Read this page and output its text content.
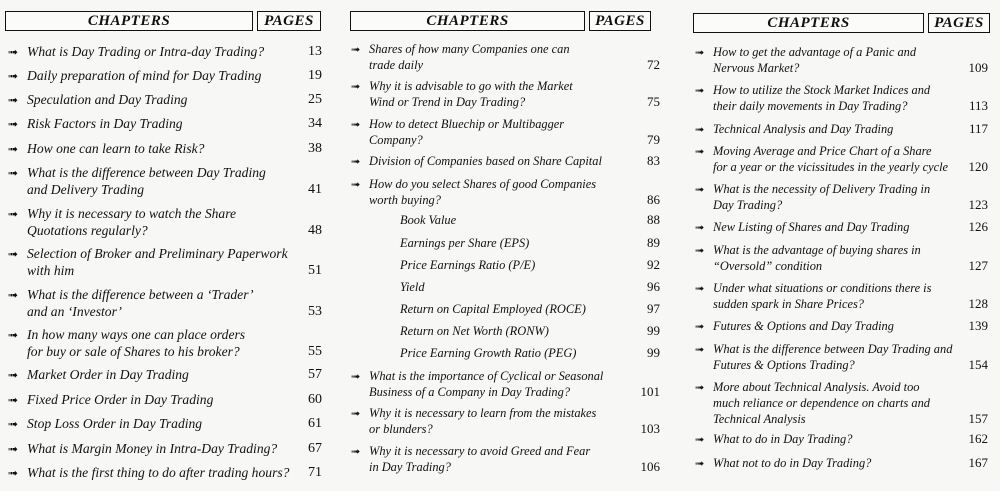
CHAPTERS	PAGES
➟ What is Day Trading or Intra-day Trading?	13
➟ Daily preparation of mind for Day Trading	19
➟ Speculation and Day Trading	25
➟ Risk Factors in Day Trading	34
➟ How one can learn to take Risk?	38
➟ What is the difference between Day Trading
and Delivery Trading	41
➟ Why it is necessary to watch the Share
Quotations regularly?	48
➟ Selection of Broker and Preliminary Paperwork
with him	51
➟ What is the difference between a ‘Trader’
and an ‘Investor’	53
➟ In how many ways one can place orders
for buy or sale of Shares to his broker?	55
➟ Market Order in Day Trading	57
➟ Fixed Price Order in Day Trading	60
➟ Stop Loss Order in Day Trading	61
➟ What is Margin Money in Intra-Day Trading? 67
➟ What is the first thing to do after trading hours? 71
CHAPTERS	PAGES
➟ Shares of how many Companies one can
trade daily	72
➟ Why it is advisable to go with the Market
Wind or Trend in Day Trading?	75
➟ How to detect Bluechip or Multibagger
Company?	79
➟ Division of Companies based on Share Capital	83
➟ How do you select Shares of good Companies
worth buying?	86
Book Value	88
Earnings per Share (EPS)	89
Price Earnings Ratio (P/E)	92
Yield	96
Return on Capital Employed (ROCE)	97
Return on Net Worth (RONW)	99
Price Earning Growth Ratio (PEG)	99
➟ What is the importance of Cyclical or Seasonal
Business of a Company in Day Trading?	101
➟ Why it is necessary to learn from the mistakes
or blunders?	103
➟ Why it is necessary to avoid Greed and Fear
in Day Trading?	106
CHAPTERS	PAGES
➟ How to get the advantage of a Panic and
Nervous Market?	109
➟ How to utilize the Stock Market Indices and
their daily movements in Day Trading?	113
➟ Technical Analysis and Day Trading	117
➟ Moving Average and Price Chart of a Share
for a year or the vicissitudes in the yearly cycle 120
➟ What is the necessity of Delivery Trading in
Day Trading?	123
➟ New Listing of Shares and Day Trading	126
➟ What is the advantage of buying shares in
“Oversold” condition	127
➟ Under what situations or conditions there is
sudden spark in Share Prices?	128
➟ Futures & Options and Day Trading	139
➟ What is the difference between Day Trading and
Futures & Options Trading?	154
➟ More about Technical Analysis. Avoid too
much reliance or dependence on charts and
Technical Analysis	157
➟ What to do in Day Trading?	162
➟ What not to do in Day Trading?	167
